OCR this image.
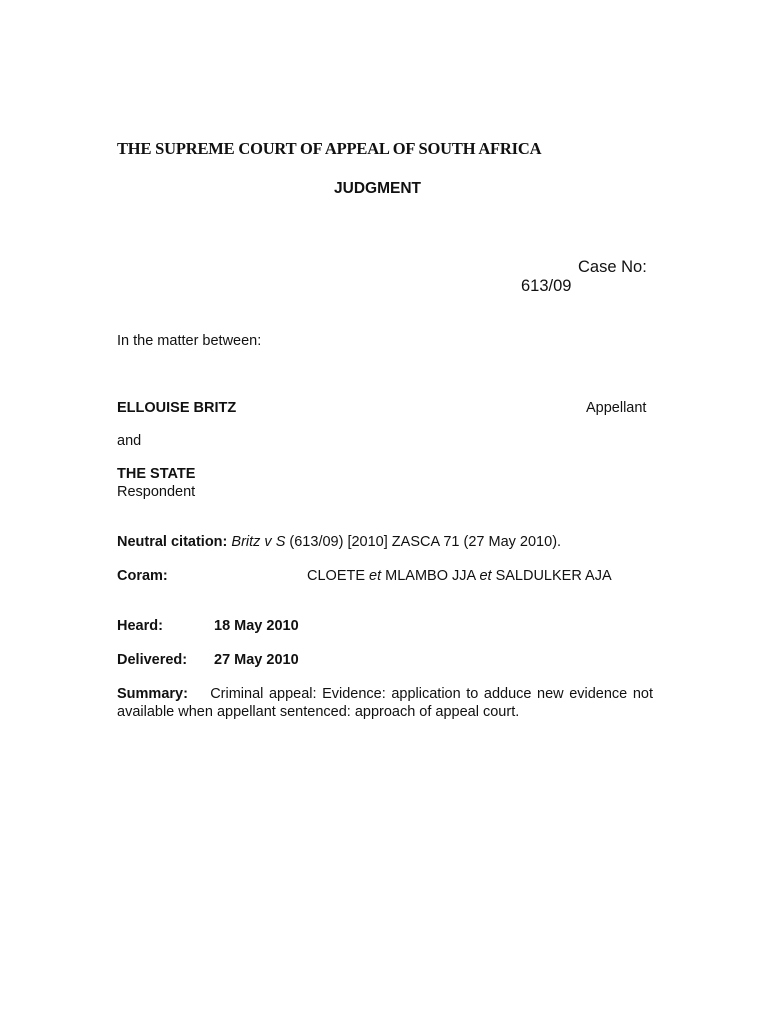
THE SUPREME COURT OF APPEAL OF SOUTH AFRICA
JUDGMENT
Case No:
613/09
In the matter between:
ELLOUISE BRITZ	Appellant
and
THE STATE
Respondent
Neutral citation: Britz v S (613/09) [2010] ZASCA 71 (27 May 2010).
Coram:	CLOETE et MLAMBO JJA et SALDULKER AJA
Heard:	18 May 2010
Delivered: 27 May 2010
Summary: Criminal appeal: Evidence: application to adduce new evidence not available when appellant sentenced: approach of appeal court.
